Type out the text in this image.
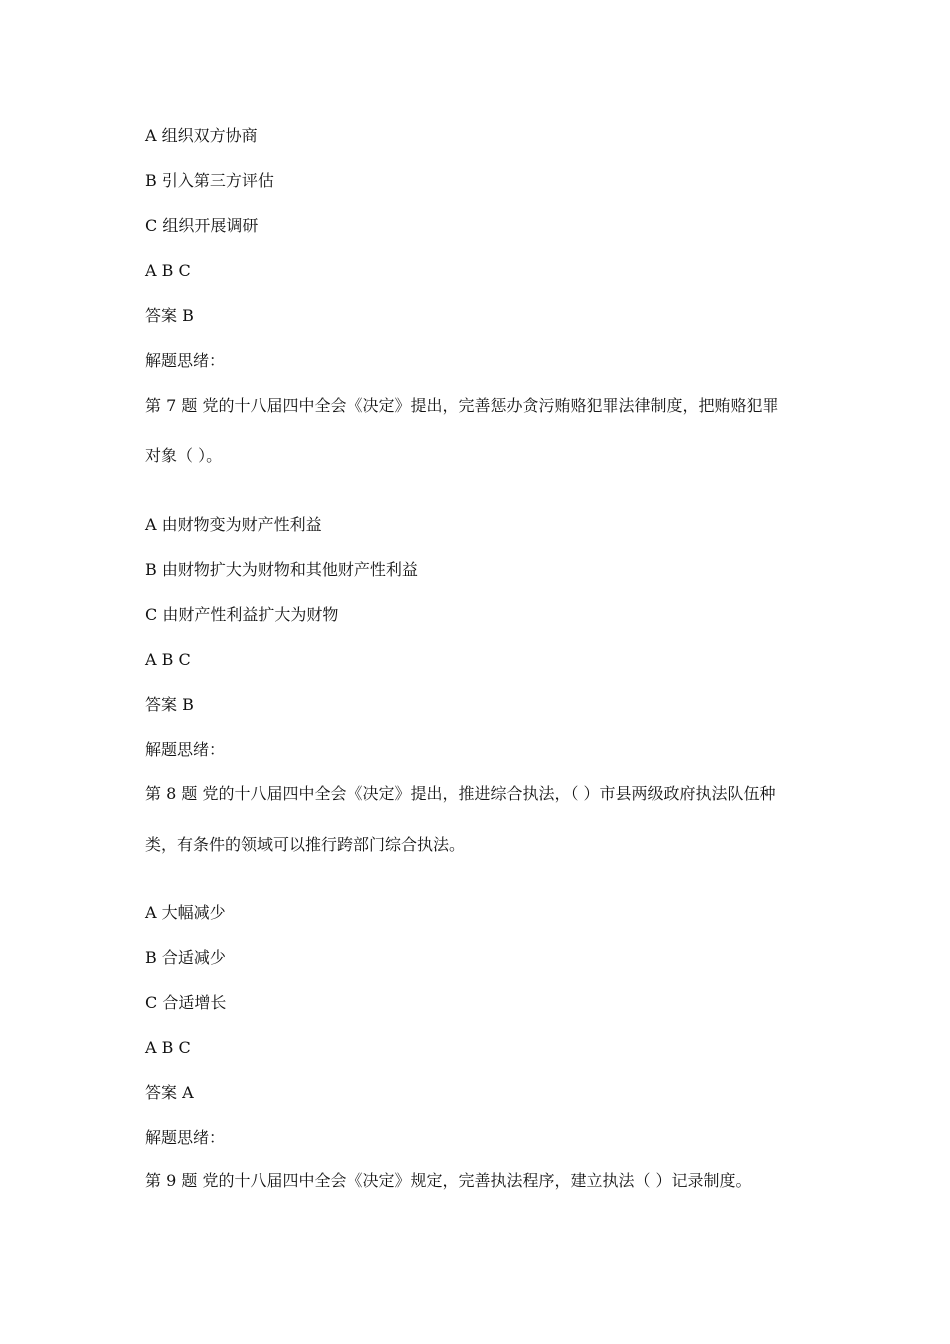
A 组织双方协商

B 引入第三方评估

C 组织开展调研

A B C

答案 B

解题思绪：

第 7 题 党的十八届四中全会《决定》提出，完善惩办贪污贿赂犯罪法律制度，把贿赂犯罪

对象（ ）。

A 由财物变为财产性利益

B 由财物扩大为财物和其他财产性利益

C 由财产性利益扩大为财物

A B C

答案 B

解题思绪：

第 8 题 党的十八届四中全会《决定》提出，推进综合执法，（ ）市县两级政府执法队伍种

类，有条件的领域可以推行跨部门综合执法。

A 大幅减少

B 合适减少

C 合适增长

A B C

答案 A

解题思绪：

第 9 题 党的十八届四中全会《决定》规定，完善执法程序，建立执法（ ）记录制度。
